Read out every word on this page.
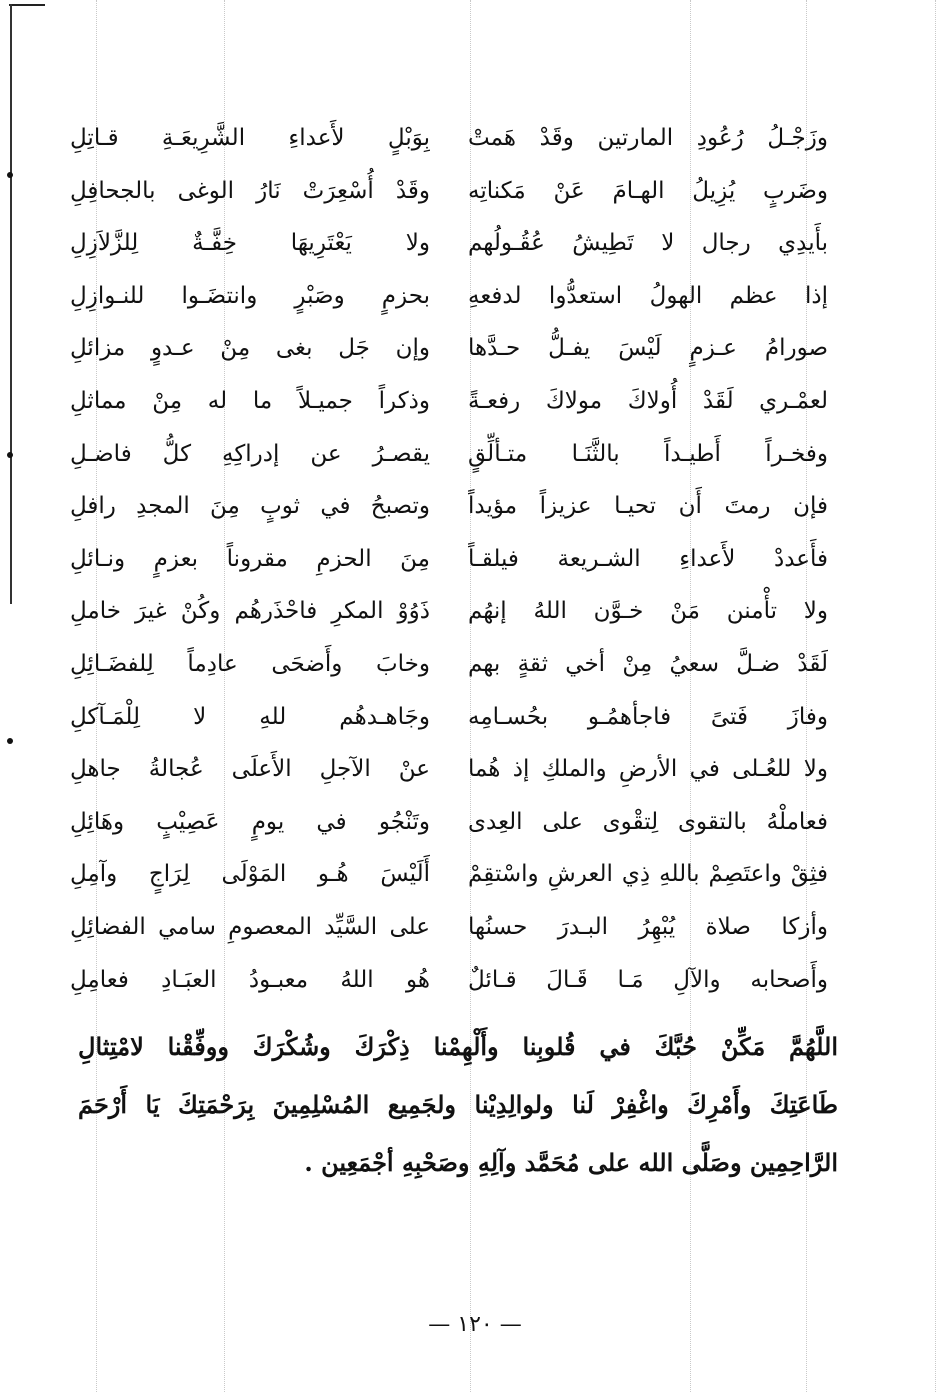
وزَجْـلُ رُعُودِ المارتين وقَدْ هَمتْ
وضَربٍ يُزِيلُ الهـامَ عَنْ مَكناتِه
بأَيدِي رجال لا تَطِيشُ عُقُـولُهم
إذا عظم الهولُ استعدُّوا لدفعهِ
صورامُ عـزمٍ لَيْسَ يفـلُّ حـدَّها
لعمْـري لَقَدْ أُولاكَ مولاكَ رفعـةً
وفخـراً أَطيـداً بالثَّنَـا متـألِّقٍ
فإن رمتَ أَن تحيـا عزيزاً مؤيداً
فأَعددْ لأَعداءِ الشـريعة فيلقـاً
ولا تأْمنن مَنْ خـوَّن اللهُ إنهُم
لَقَدْ ضـلَّ سعيُ مِنْ أخي ثقةٍ بهم
وفازَ فَتىً فاجأهمُـو بحُسـامِه
ولا للعُـلى في الأرضِ والملكِ إذ هُما
فعاملْهُ بالتقوى لِتقْوى على العِدى
فثِقْ واعتَصِمْ باللهِ ذِي العرشِ واسْتقِمْ
وأزكا صلاة يُبْهِرُ البـدرَ حسنُها
وأَصحابه والآلِ مَـا قَـالَ قـائلٌ
بِوَبْلٍ لأَعداءِ الشَّرِيعَـةِ قـاتِلِ
وقَدْ أُسْعِرَتْ نَارُ الوغى بالجحافِلِ
ولا يَعْتَرِيهَا خِفَّـةٌ لِلزَّلاَزِلِ
بحزمٍ وصَبْرٍ وانتضَـوا للنـوازِلِ
وإن جَل بغى مِنْ عـدوٍ مزائلِ
وذكراً جميـلاً ما له مِنْ مماثلِ
يقصـرُ عن إدراكِهِ كلُّ فاضـلِ
وتصبحُ في ثوبٍ مِنَ المجدِ رافلِ
مِنَ الحزمِ مقروناً بعزمٍ ونـائلِ
ذَوُوْ المكرِ فاحْذَرهُم وكُنْ غيرَ خاملِ
وخابَ وأَضحَى عادِماً لِلفضَـائِلِ
وجَاهـدهُم للهِ لا لِلْمَـآكلِ
عنْ الآجلِ الأَعلَى عُجالةُ جاهلِ
وتَنْجُو في يومٍ عَصِيْبٍ وهَائِلِ
أَلَيْسَ هُـو المَوْلَى لِرَاجٍ وآمِلِ
على السَّيِّد المعصومِ سامي الفضائِلِ
هُو اللهُ معبـودُ العبَـادِ فعامِلِ
اللَّهُمَّ مَكِّنْ حُبَّكَ في قُلوبِنا وأَلْهِمْنا ذِكْرَكَ وشُكْرَكَ ووفِّقْنا لامْتِثالِ
طَاعَتِكَ وأَمْرِكَ واغْفِرْ لَنا ولوالِدِيْنا ولجَمِيع المُسْلِمِينَ بِرَحْمَتِكَ يَا أَرْحَمَ
الرَّاحِمِين وصَلَّى الله على مُحَمَّد وآلِهِ وصَحْبِهِ أجْمَعِين .
— ١٢٠ —
